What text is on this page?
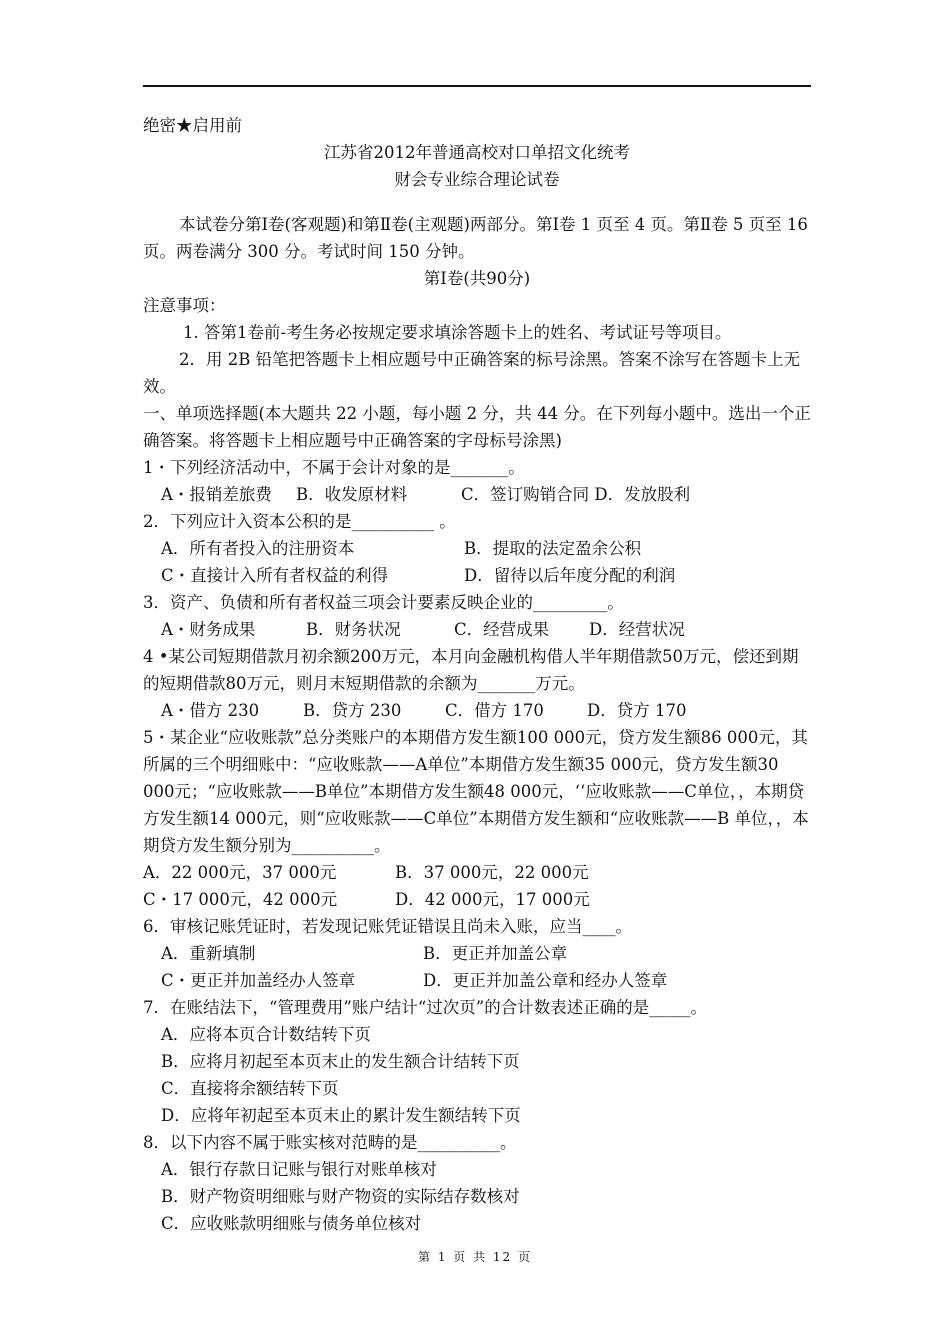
绝密★启用前
江苏省2012年普通高校对口单招文化统考
财会专业综合理论试卷
本试卷分第Ⅰ卷(客观题)和第Ⅱ卷(主观题)两部分。第Ⅰ卷 1 页至 4 页。第Ⅱ卷 5 页至 16 页。两卷满分 300 分。考试时间 150 分钟。
第Ⅰ卷(共90分)
注意事项：
1. 答第1卷前-考生务必按规定要求填涂答题卡上的姓名、考试证号等项目。
2．用 2B 铅笔把答题卡上相应题号中正确答案的标号涂黑。答案不涂写在答题卡上无效。
一、单项选择题(本大题共 22 小题，每小题 2 分，共 44 分。在下列每小题中。选出一个正确答案。将答题卡上相应题号中正确答案的字母标号涂黑)
1・下列经济活动中，不属于会计对象的是_______。
A・报销差旅费	B．收发原材料	C．签订购销合同 D．发放股利
2．下列应计入资本公积的是__________ 。
A．所有者投入的注册资本	B．提取的法定盈余公积
C・直接计入所有者权益的利得	D．留待以后年度分配的利润
3．资产、负债和所有者权益三项会计要素反映企业的_________。
A・财务成果	B．财务状况	C．经营成果	D．经营状况
4 •某公司短期借款月初余额200万元，本月向金融机构借人半年期借款50万元，偿还到期的短期借款80万元，则月末短期借款的余额为_______万元。
A・借方 230	B．贷方 230	C．借方 170	D．贷方 170
5・某企业“应收账款”总分类账户的本期借方发生额100 000元，贷方发生额86 000元，其所属的三个明细账中：“应收账款——A单位”本期借方发生额35 000元，贷方发生额30 000元；“应收账款——B单位”本期借方发生额48 000元，‘‘应收账款——C单位，，本期贷方发生额14 000元，则“应收账款——C单位”本期借方发生额和“应收账款——B 单位，，本期贷方发生额分别为__________。
A．22 000元，37 000元	B．37 000元，22 000元
C・17 000元，42 000元	D．42 000元，17 000元
6．审核记账凭证时，若发现记账凭证错误且尚未入账，应当____。
A．重新填制	B．更正并加盖公章
C・更正并加盖经办人签章	D．更正并加盖公章和经办人签章
7．在账结法下，“管理费用”账户结计“过次页”的合计数表述正确的是_____。
A．应将本页合计数结转下页
B．应将月初起至本页末止的发生额合计结转下页
C．直接将余额结转下页
D．应将年初起至本页末止的累计发生额结转下页
8．以下内容不属于账实核对范畴的是__________。
A．银行存款日记账与银行对账单核对
B．财产物资明细账与财产物资的实际结存数核对
C．应收账款明细账与债务单位核对
第 1 页 共 12 页
